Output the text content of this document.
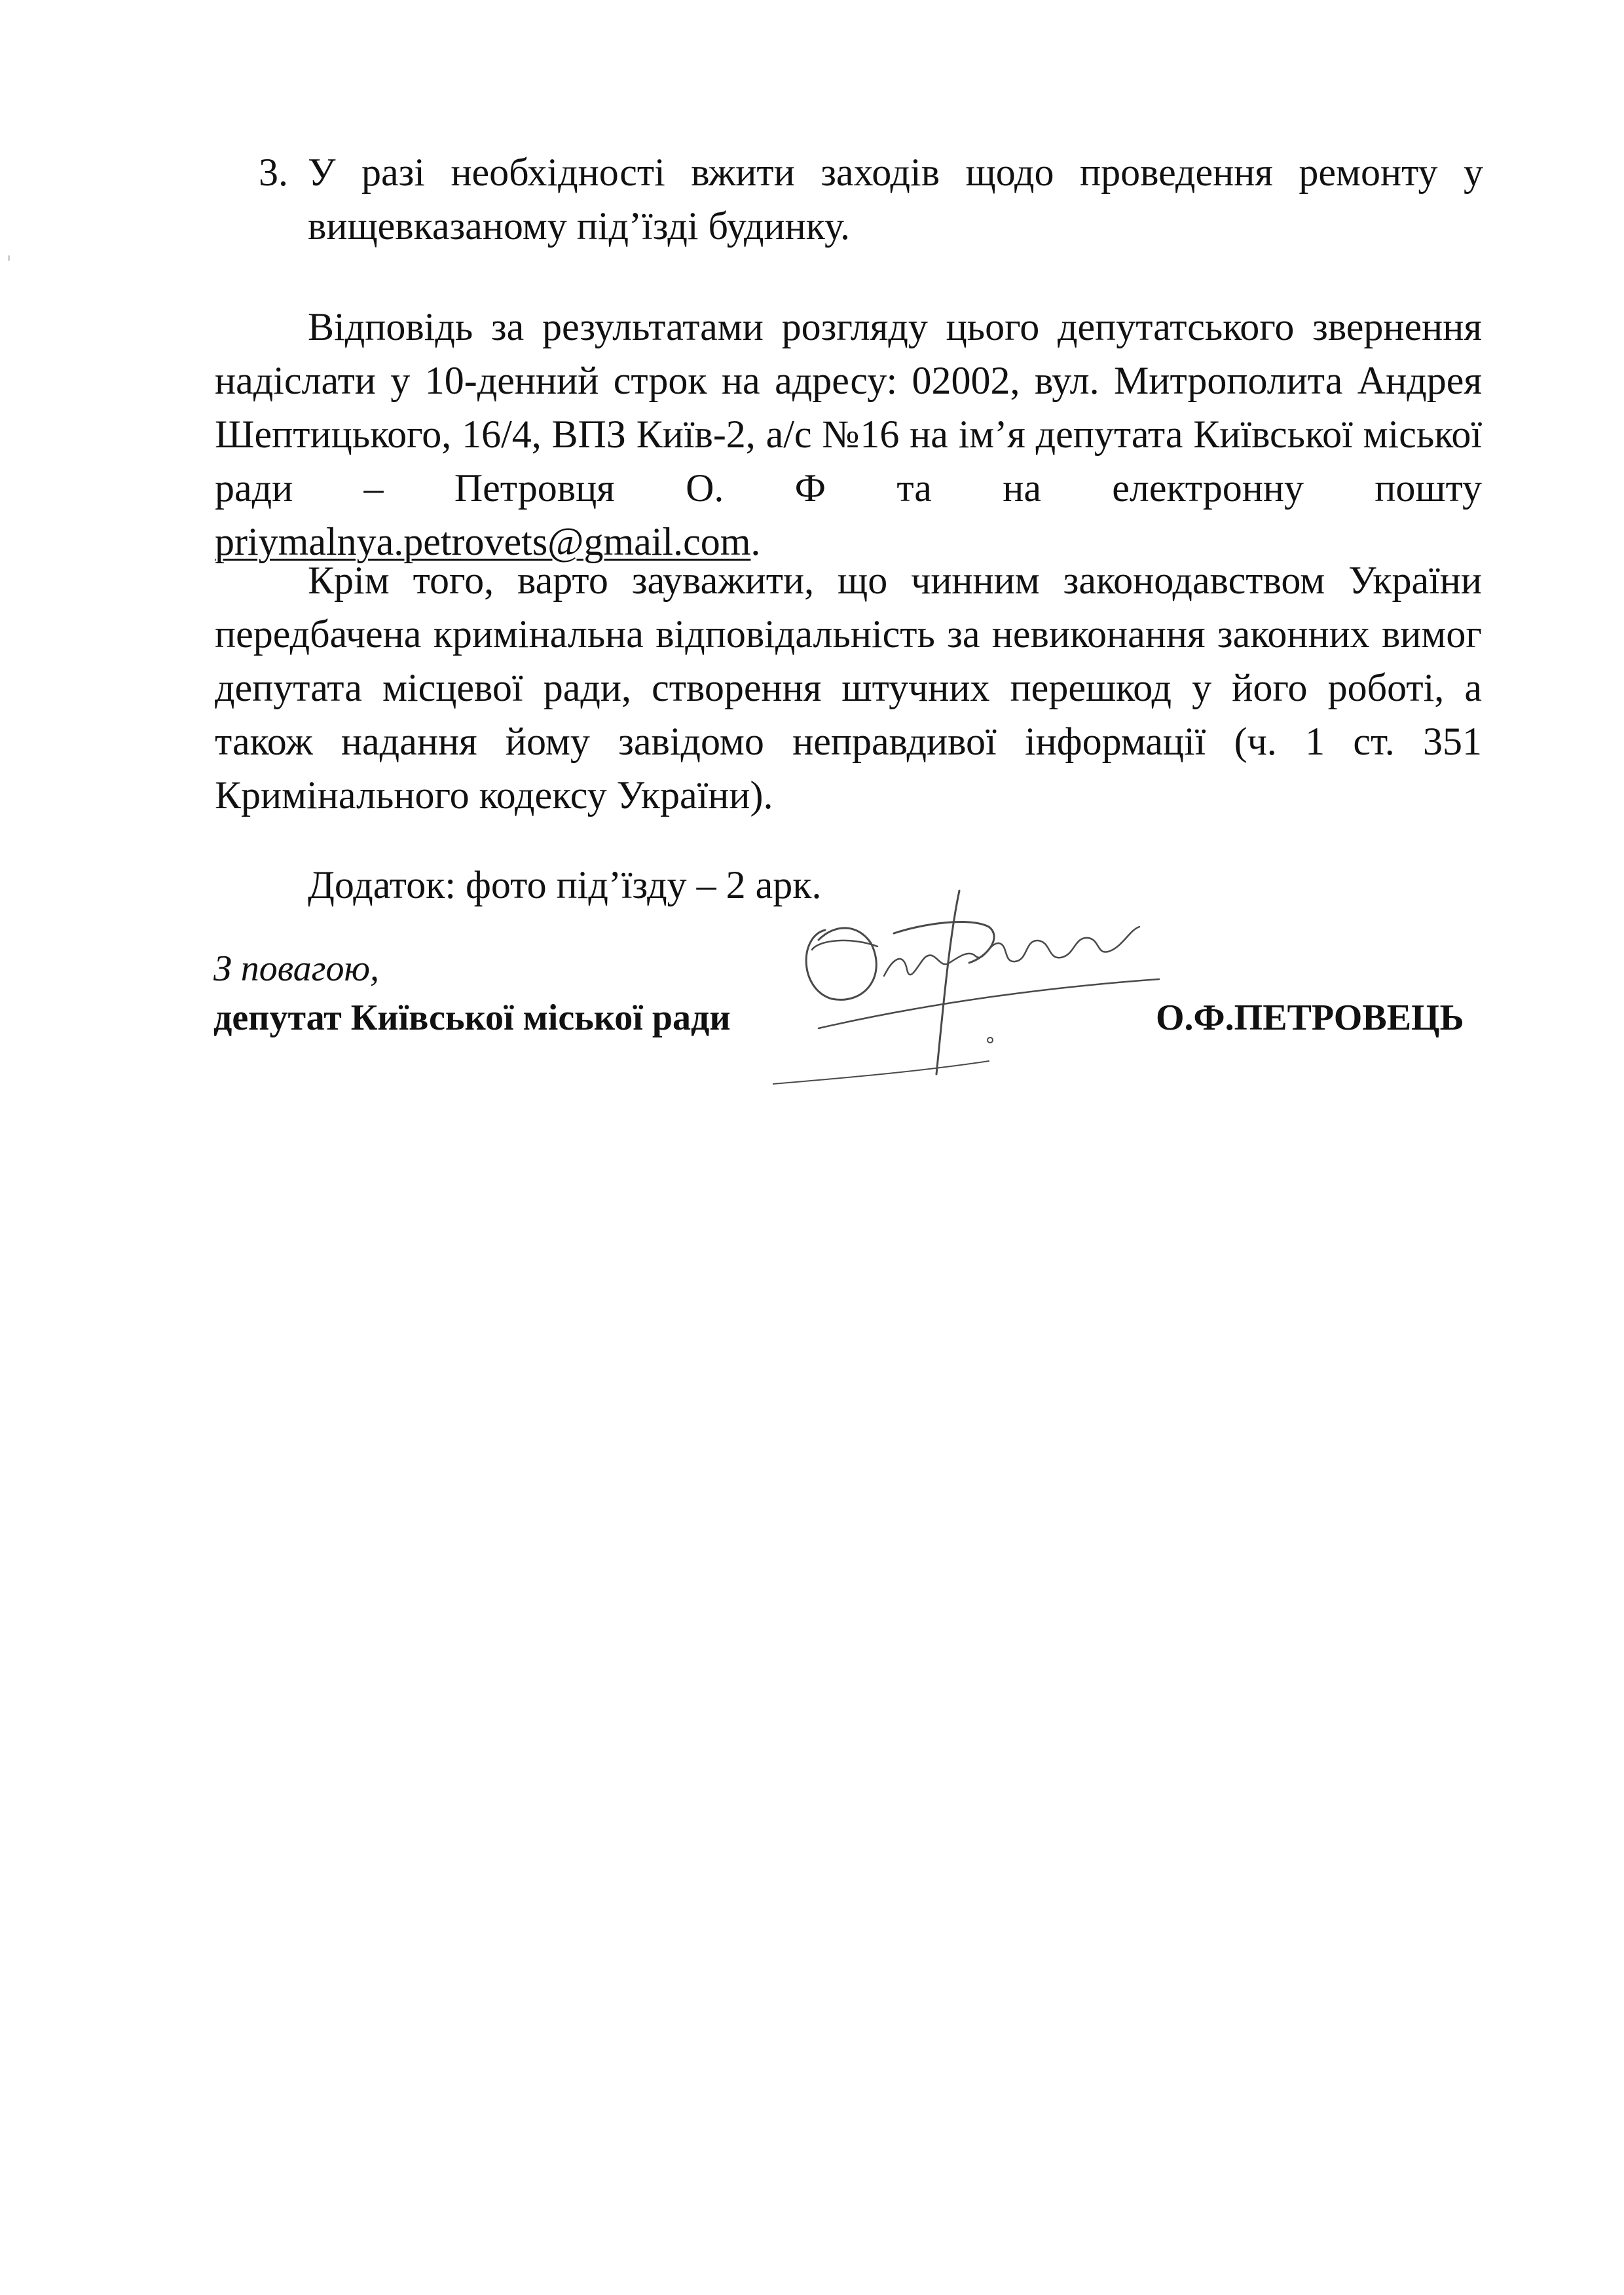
3. У разі необхідності вжити заходів щодо проведення ремонту у вищевказаному під’їзді будинку.
Відповідь за результатами розгляду цього депутатського звернення
надіслати у 10-денний строк на адресу: 02002, вул. Митрополита Андрея
Шептицького, 16/4, ВПЗ Київ-2, а/с №16 на ім’я депутата Київської міської
ради – Петровця О. Ф та на електронну пошту
priymalnya.petrovets@gmail.com.
Крім того, варто зауважити, що чинним законодавством України передбачена кримінальна відповідальність за невиконання законних вимог депутата місцевої ради, створення штучних перешкод у його роботі, а також надання йому завідомо неправдивої інформації (ч. 1 ст. 351 Кримінального кодексу України).
Додаток: фото під’їзду – 2 арк.
З повагою,
депутат Київської міської ради	О.Ф.ПЕТРОВЕЦЬ
